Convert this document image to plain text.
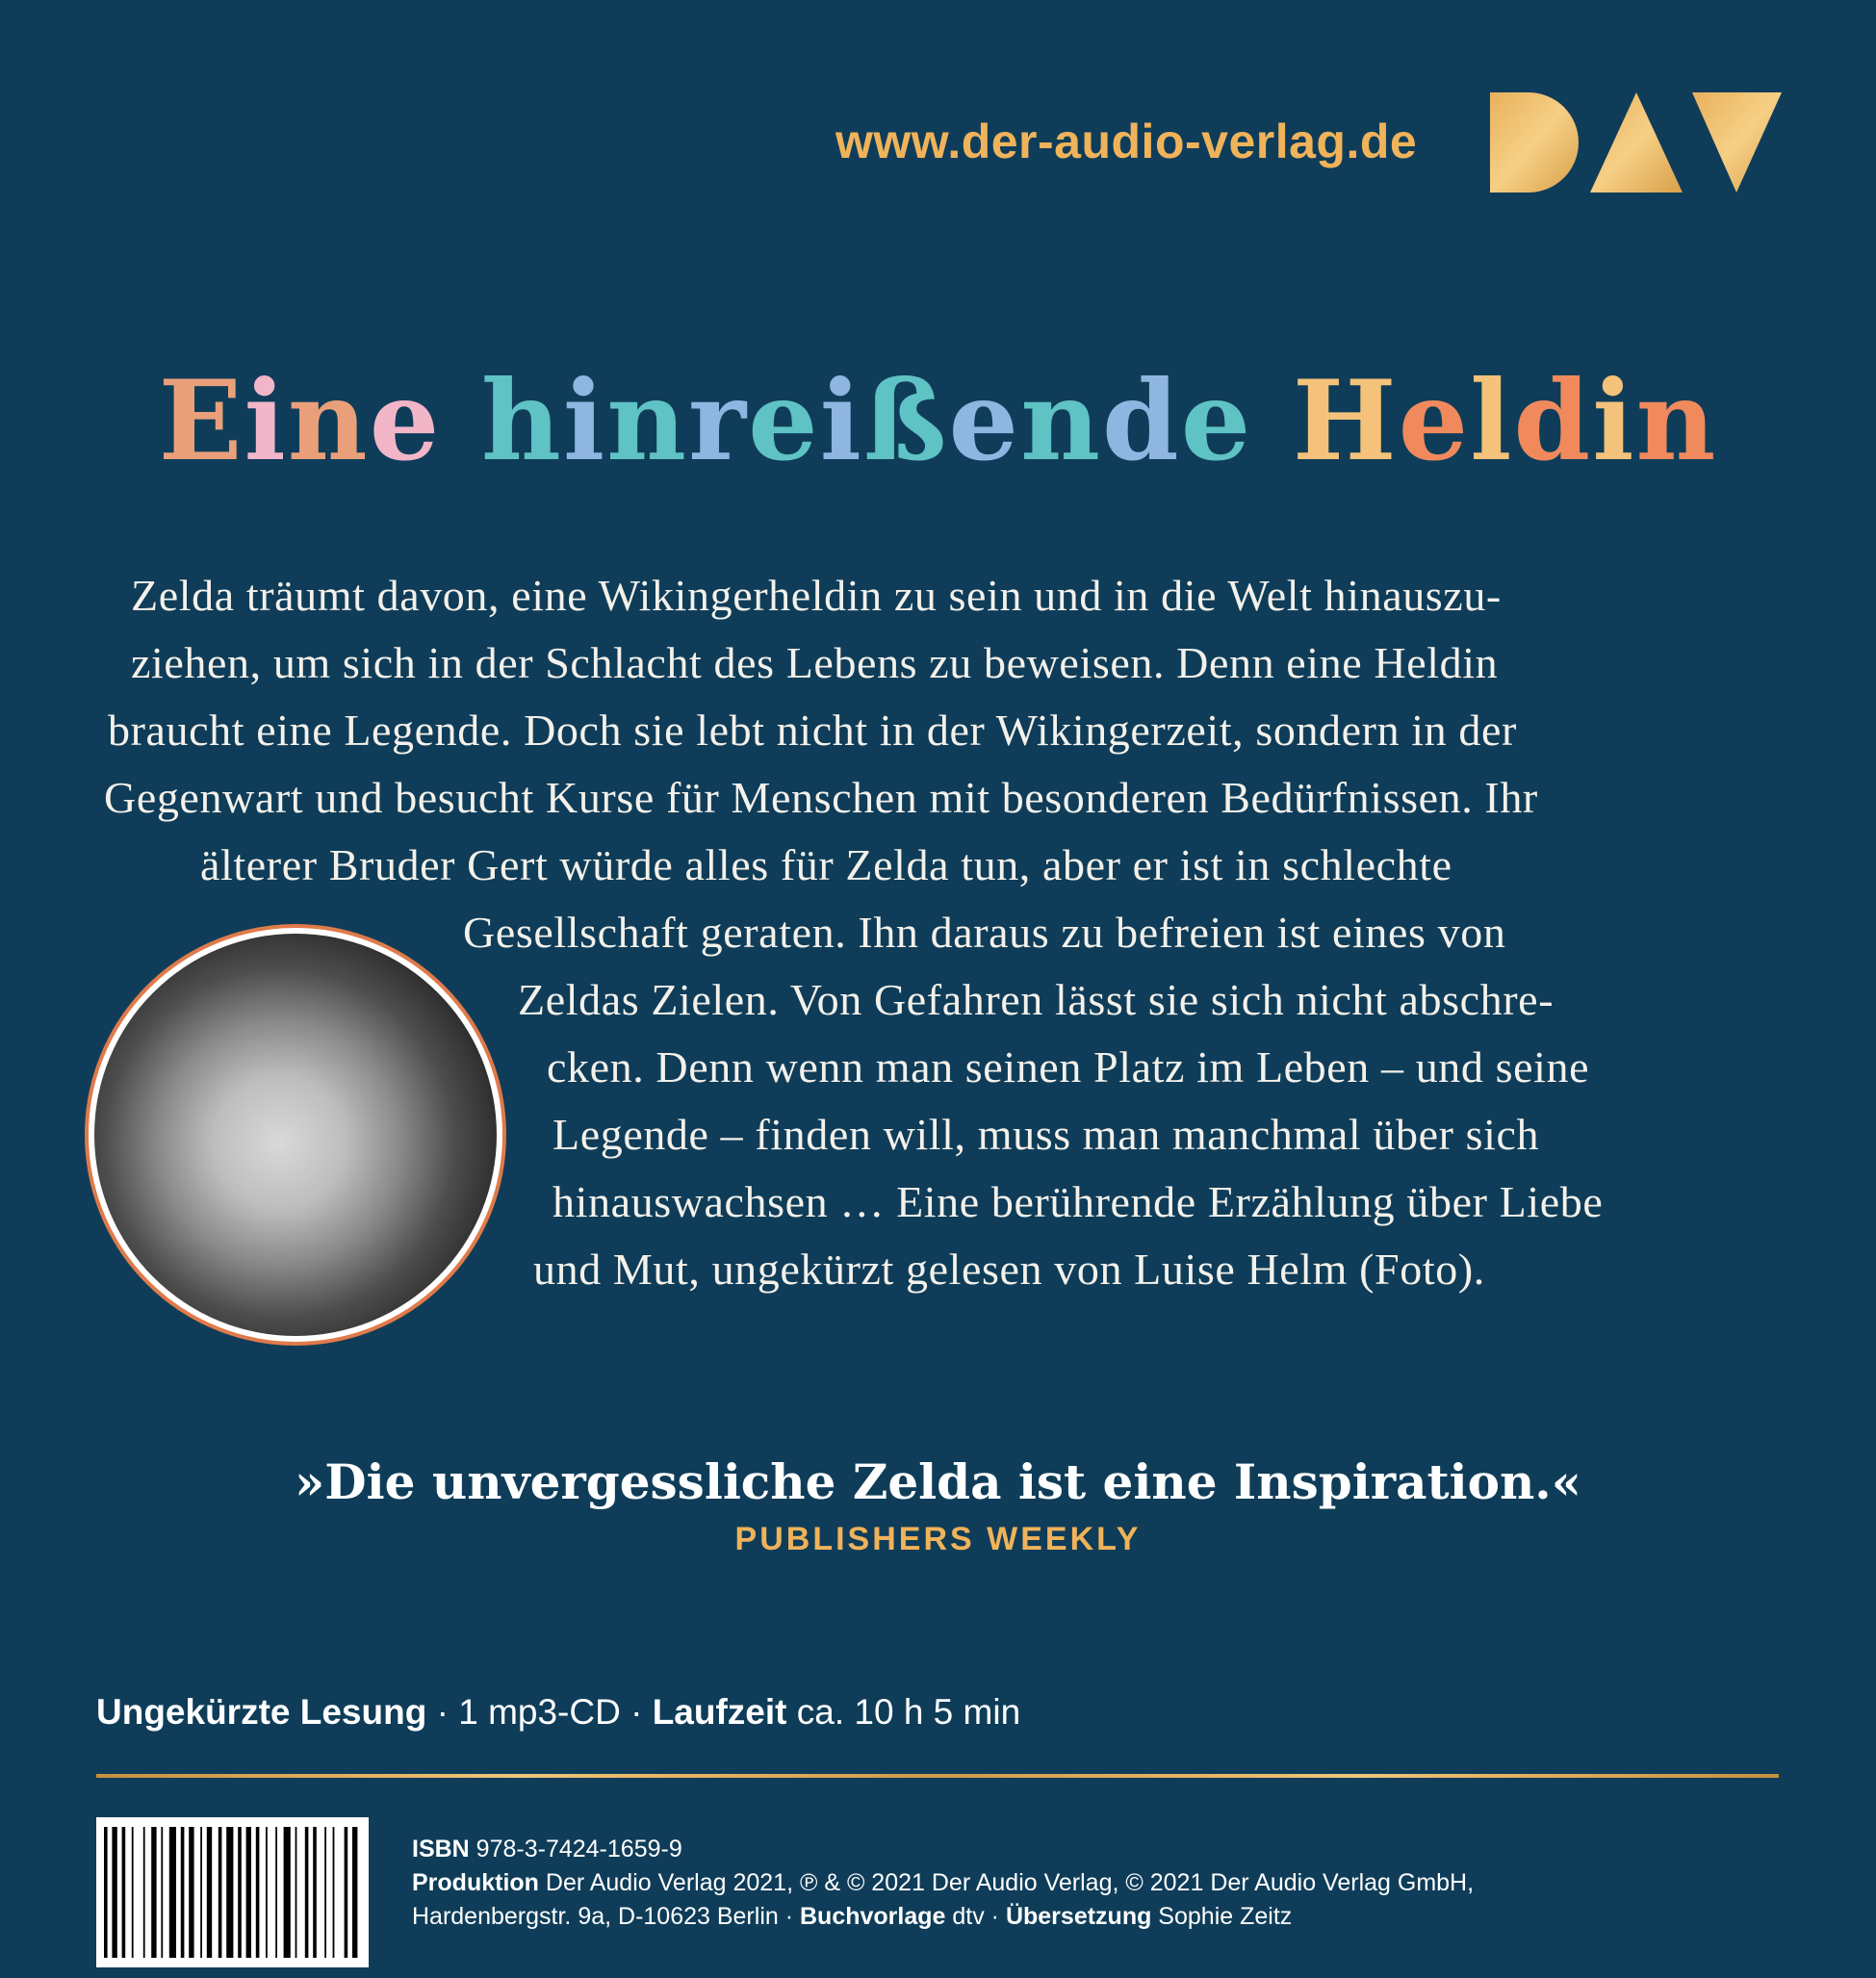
www.der-audio-verlag.de
Eine hinreißende Heldin
Zelda träumt davon, eine Wikingerheldin zu sein und in die Welt hinauszu-
ziehen, um sich in der Schlacht des Lebens zu beweisen. Denn eine Heldin
braucht eine Legende. Doch sie lebt nicht in der Wikingerzeit, sondern in der
Gegenwart und besucht Kurse für Menschen mit besonderen Bedürfnissen. Ihr
älterer Bruder Gert würde alles für Zelda tun, aber er ist in schlechte
Gesellschaft geraten. Ihn daraus zu befreien ist eines von
Zeldas Zielen. Von Gefahren lässt sie sich nicht abschre-
cken. Denn wenn man seinen Platz im Leben – und seine
Legende – finden will, muss man manchmal über sich
hinauswachsen … Eine berührende Erzählung über Liebe
und Mut, ungekürzt gelesen von Luise Helm (Foto).
»Die unvergessliche Zelda ist eine Inspiration.«
PUBLISHERS WEEKLY
Ungekürzte Lesung · 1 mp3-CD · Laufzeit ca. 10 h 5 min
ISBN 978-3-7424-1659-9
Produktion Der Audio Verlag 2021, ℗ & © 2021 Der Audio Verlag, © 2021 Der Audio Verlag GmbH,
Hardenbergstr. 9a, D-10623 Berlin · Buchvorlage dtv · Übersetzung Sophie Zeitz
